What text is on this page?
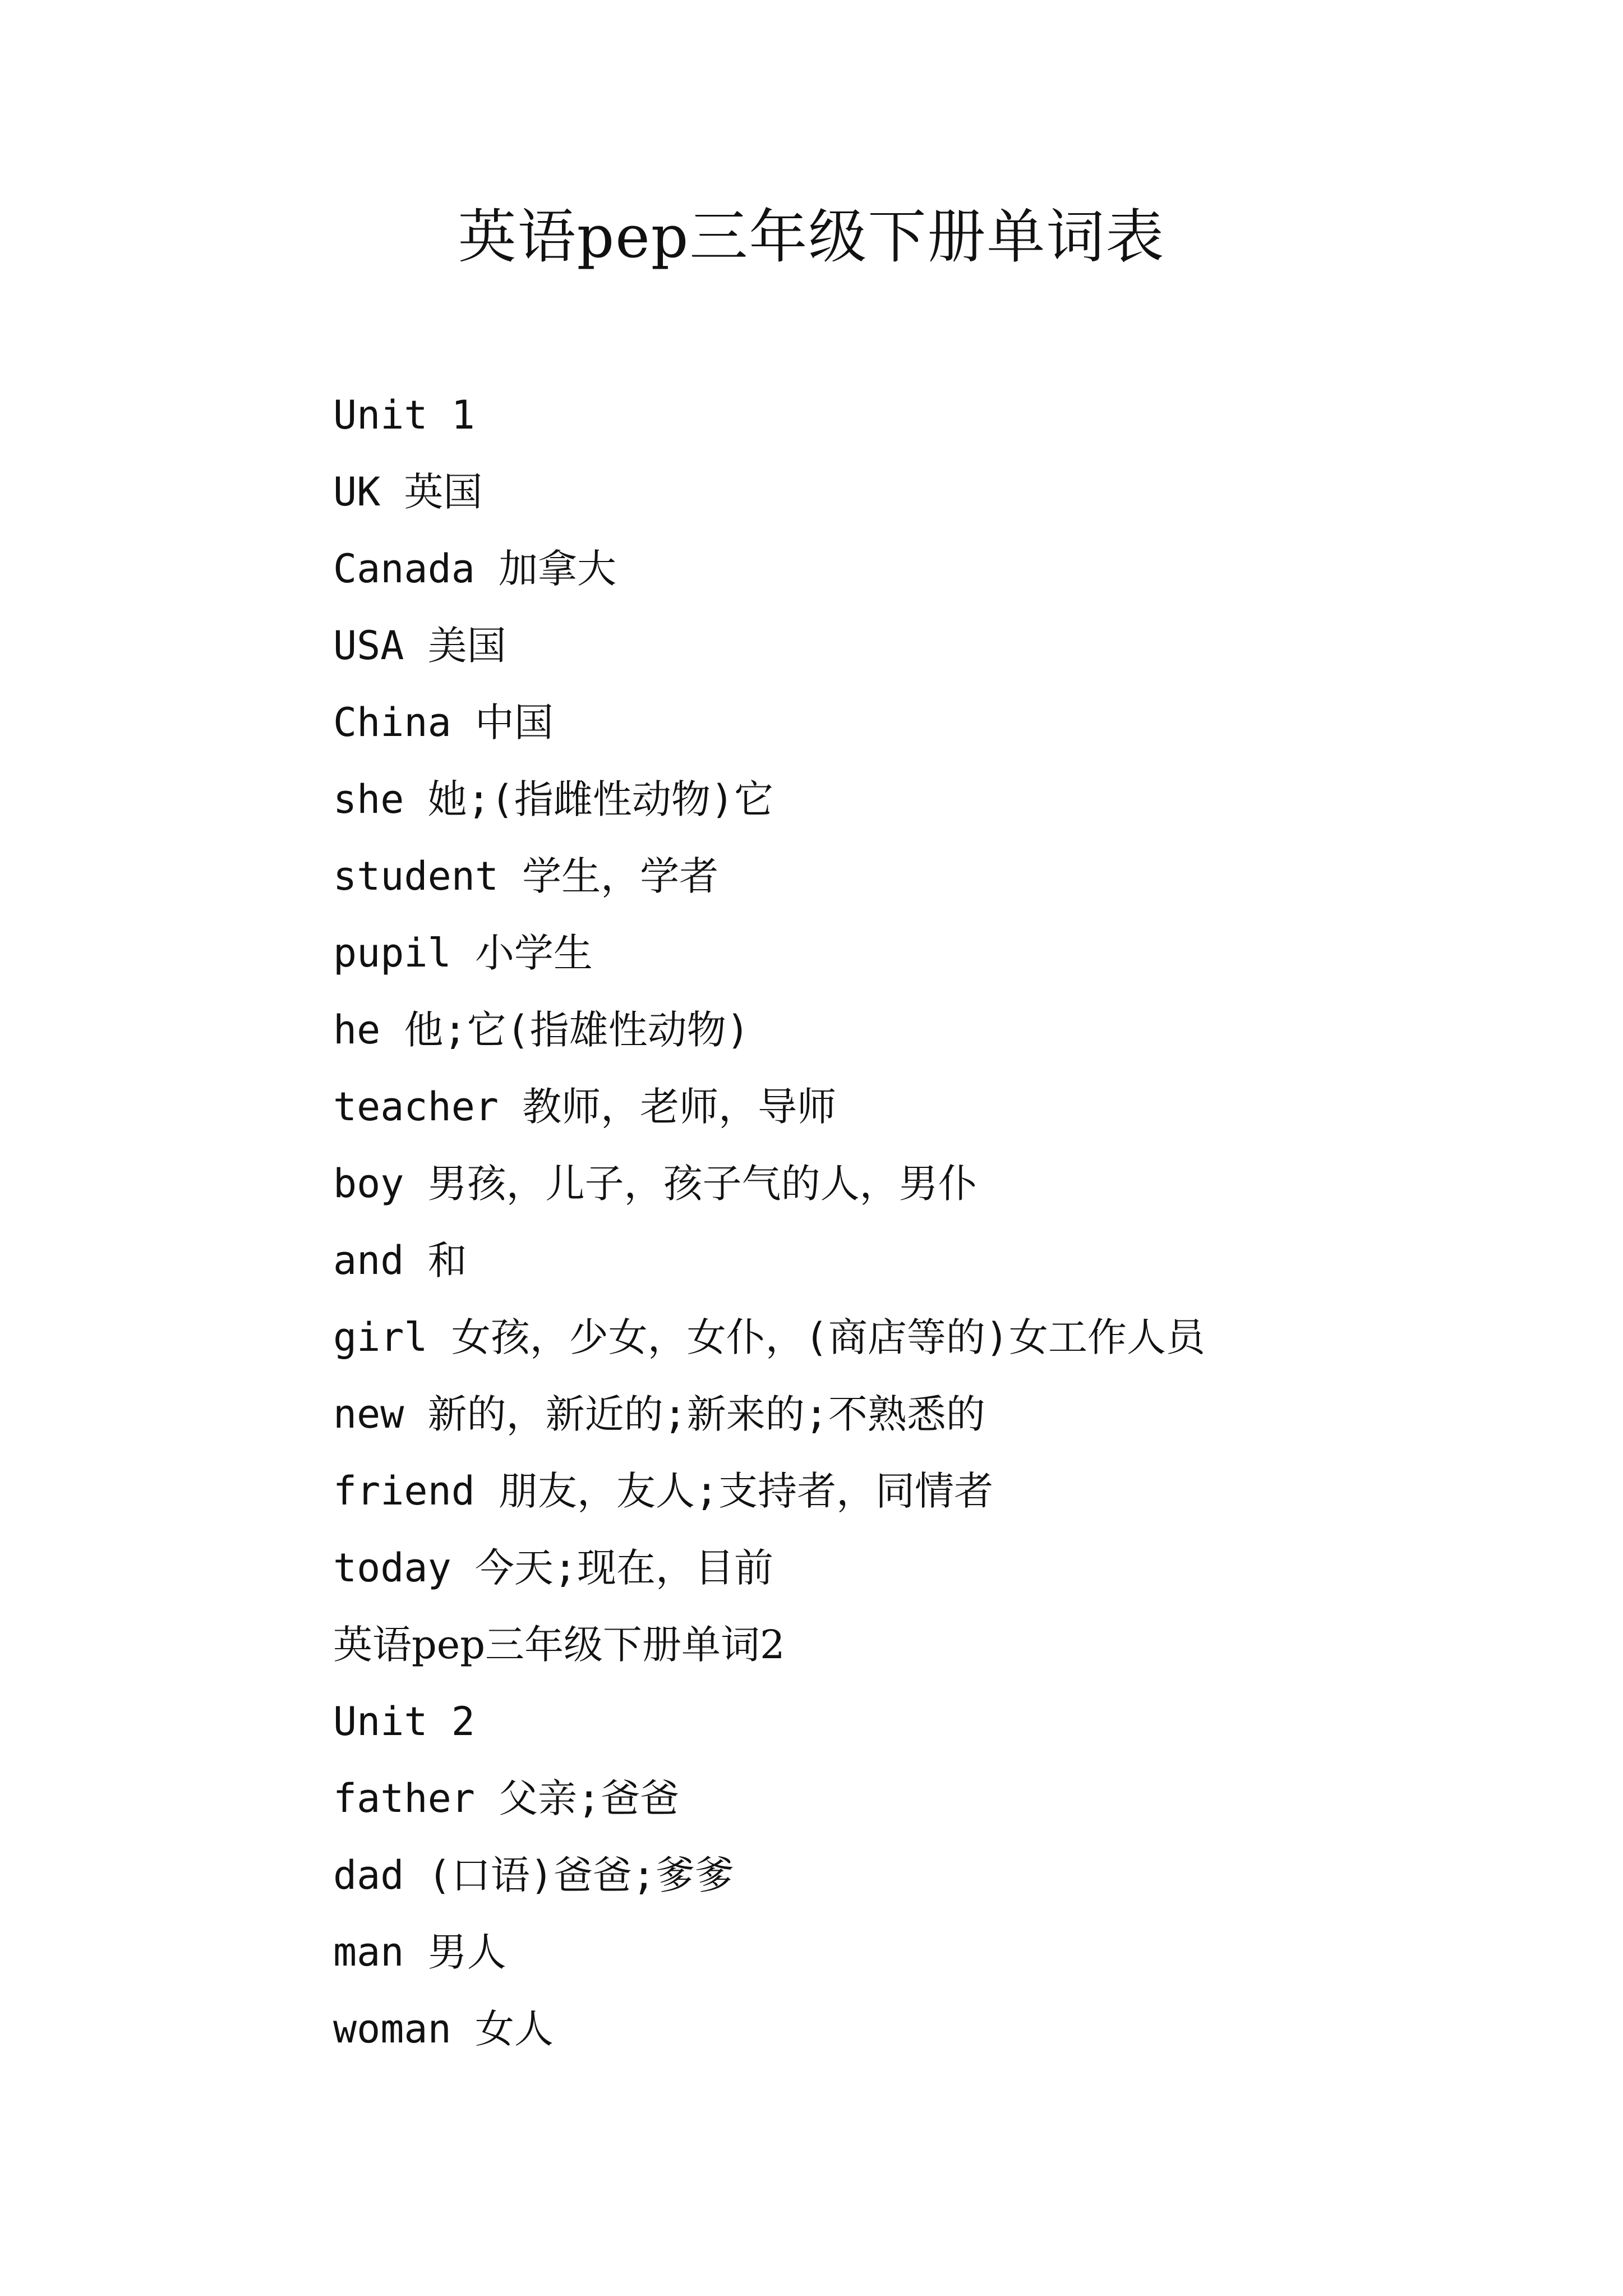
英语pep三年级下册单词表
Unit 1
UK 英国
Canada 加拿大
USA 美国
China 中国
she 她;(指雌性动物)它
student 学生，学者
pupil 小学生
he 他;它(指雄性动物)
teacher 教师，老师，导师
boy 男孩，儿子，孩子气的人，男仆
and 和
girl 女孩，少女，女仆，(商店等的)女工作人员
new 新的，新近的;新来的;不熟悉的
friend 朋友，友人;支持者，同情者
today 今天;现在，目前
英语pep三年级下册单词2
Unit 2
father 父亲;爸爸
dad (口语)爸爸;爹爹
man 男人
woman 女人
